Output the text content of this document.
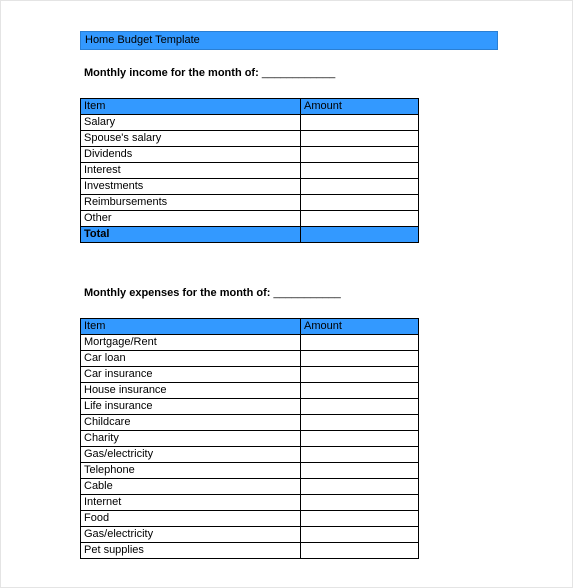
Home Budget Template
Monthly income for the month of: ____________
Item	Amount
Salary	
Spouse's salary	
Dividends	
Interest	
Investments	
Reimbursements	
Other	
Total	
Monthly expenses for the month of: ___________
Item	Amount
Mortgage/Rent	
Car loan	
Car insurance	
House insurance	
Life insurance	
Childcare	
Charity	
Gas/electricity	
Telephone	
Cable	
Internet	
Food	
Gas/electricity	
Pet supplies	
